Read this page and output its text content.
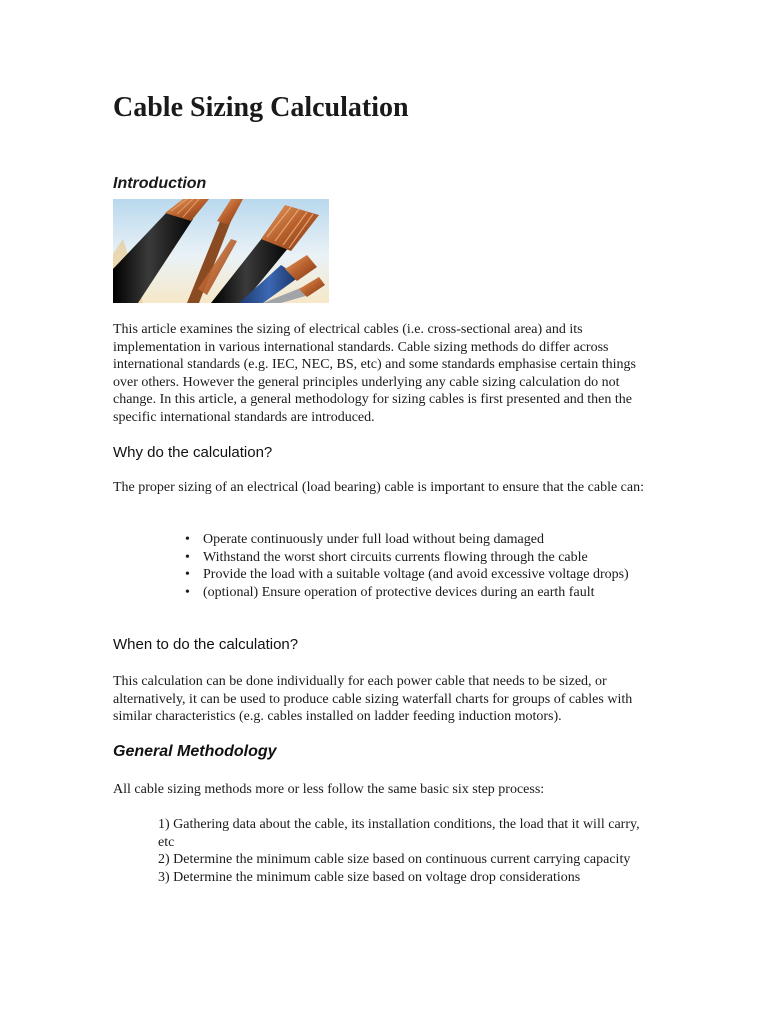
Cable Sizing Calculation
Introduction

This article examines the sizing of electrical cables (i.e. cross-sectional area) and its implementation in various international standards. Cable sizing methods do differ across international standards (e.g. IEC, NEC, BS, etc) and some standards emphasise certain things over others. However the general principles underlying any cable sizing calculation do not change. In this article, a general methodology for sizing cables is first presented and then the specific international standards are introduced.

Why do the calculation?

The proper sizing of an electrical (load bearing) cable is important to ensure that the cable can:

• Operate continuously under full load without being damaged
• Withstand the worst short circuits currents flowing through the cable
• Provide the load with a suitable voltage (and avoid excessive voltage drops)
• (optional) Ensure operation of protective devices during an earth fault
When to do the calculation?

This calculation can be done individually for each power cable that needs to be sized, or alternatively, it can be used to produce cable sizing waterfall charts for groups of cables with similar characteristics (e.g. cables installed on ladder feeding induction motors).

General Methodology

All cable sizing methods more or less follow the same basic six step process:

1) Gathering data about the cable, its installation conditions, the load that it will carry, etc
2) Determine the minimum cable size based on continuous current carrying capacity
3) Determine the minimum cable size based on voltage drop considerations
